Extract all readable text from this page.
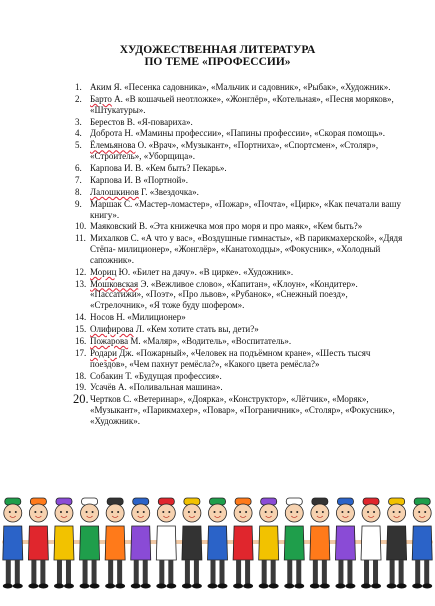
ХУДОЖЕСТВЕННАЯ ЛИТЕРАТУРА
ПО ТЕМЕ «ПРОФЕССИИ»
1. Аким Я. «Песенка садовника», «Мальчик и садовник», «Рыбак», «Художник».
2. Барто А. «В кошачьей неотложке», «Жонглёр», «Котельная», «Песня моряков», «Штукатуры».
3. Берестов В. «Я-поварихa».
4. Доброта Н. «Мамины профессии», «Папины профессии», «Скорая помощь».
5. Ёлемьянова О. «Врач», «Музыкант», «Портниха», «Спортсмен», «Столяр», «Строитель», «Уборщица».
6. Карпова И. В. «Кем быть? Пекарь».
7. Карпова И. В «Портной».
8. Лалошкинов Г. «Звездочка».
9. Маршак С. «Мастер-ломастер», «Пожар», «Почта», «Цирк», «Как печатали вашу книгу».
10. Маяковский В. «Эта книжечка моя про моря и про маяк», «Кем быть?»
11. Михалков С. «А что у вас», «Воздушные гимнасты», «В парикмахерской», «Дядя Стёпа- милиционер», «Жонглёр», «Канатоходцы», «Фокусник», «Холодный сапожник».
12. Мориц Ю. «Билет на дачу». «В цирке». «Художник».
13. Мошковская Э. «Вежливое слово», «Капитан», «Клоун», «Кондитер». «Пассатижи», «Поэт», «Про львов», «Рубанок», «Снежный поезд», «Стрелочник», «Я тоже буду шофером».
14. Носов Н. «Милиционер»
15. Олифирова Л. «Кем хотите стать вы, дети?»
16. Пожарова М. «Маляр», «Водитель», «Воспитатель».
17. Родари Дж. «Пожарный», «Человек на подъёмном кране», «Шесть тысяч поездов», «Чем пахнут ремёсла?», «Какого цвета ремёсла?»
18. Собакин Т. «Будущая профессия».
19. Усачёв А. «Поливальная машина».
20. Чертков С. «Ветеринар», «Доярка», «Конструктор», «Лётчик», «Моряк», «Музыкант», «Парикмахер», «Повар», «Пограничник», «Столяр», «Фокусник», «Художник».
